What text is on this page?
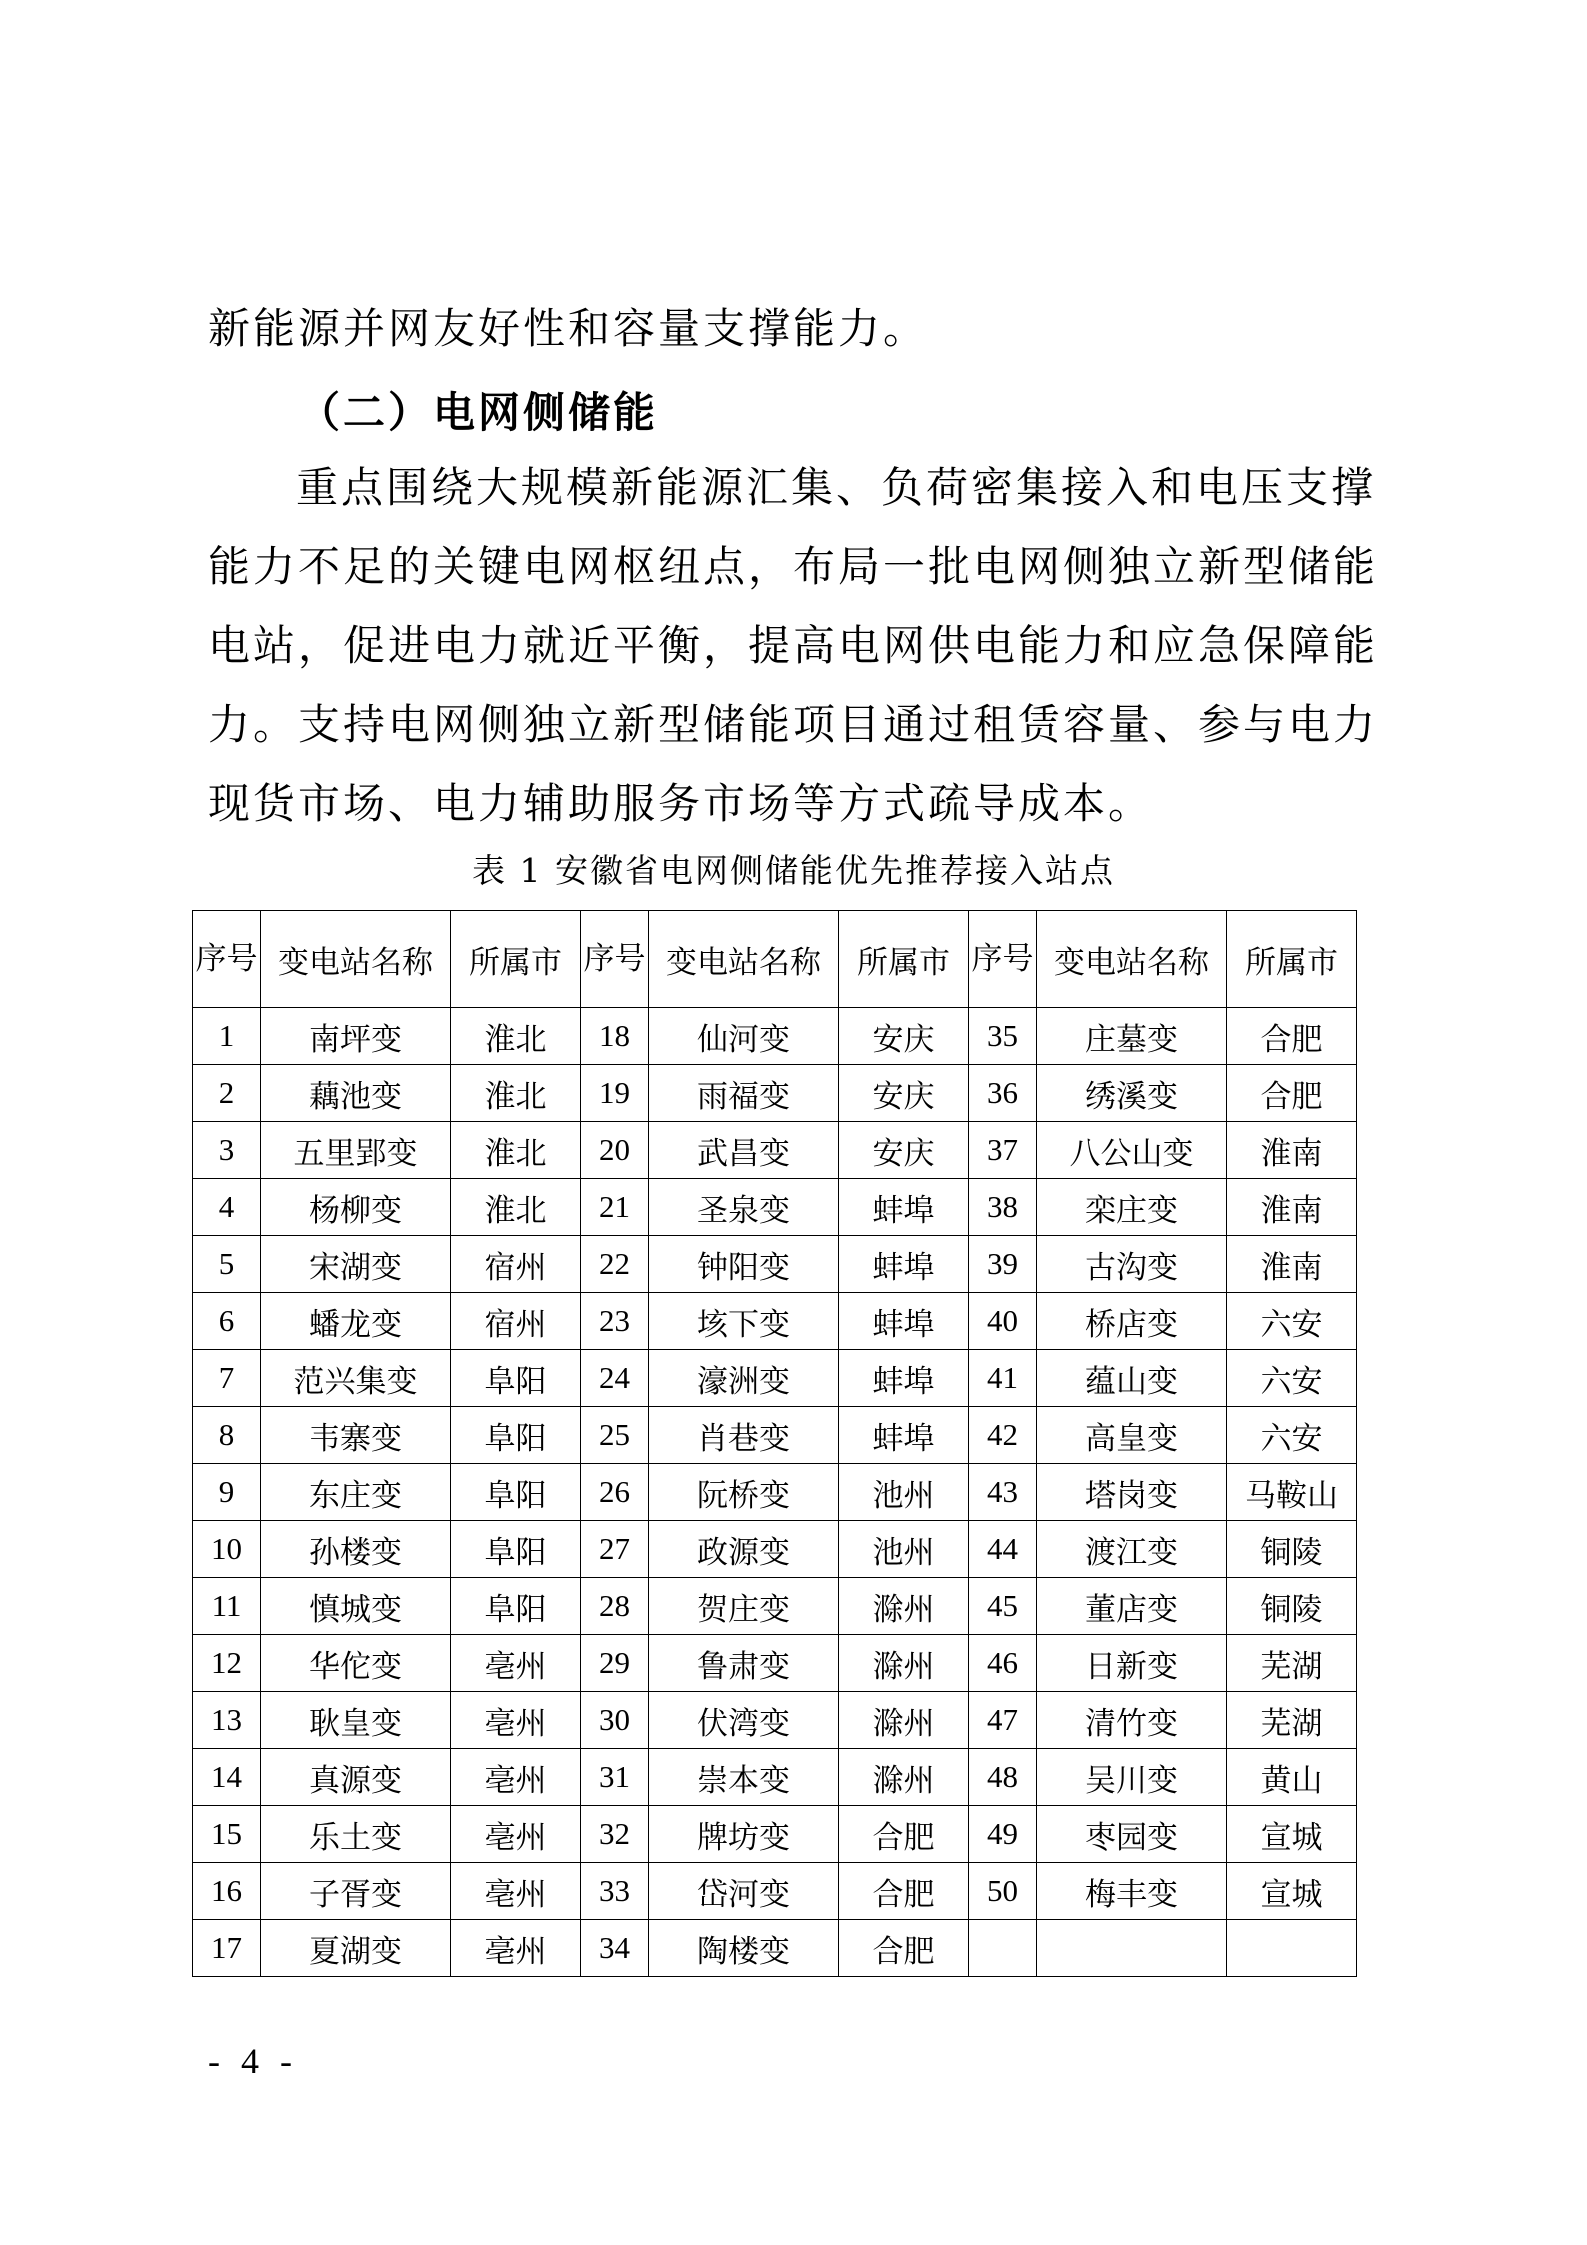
新能源并网友好性和容量支撑能力。

（二）电网侧储能

重点围绕大规模新能源汇集、负荷密集接入和电压支撑能力不足的关键电网枢纽点，布局一批电网侧独立新型储能电站，促进电力就近平衡，提高电网供电能力和应急保障能力。支持电网侧独立新型储能项目通过租赁容量、参与电力现货市场、电力辅助服务市场等方式疏导成本。

表 1 安徽省电网侧储能优先推荐接入站点

序号	变电站名称	所属市	序号	变电站名称	所属市	序号	变电站名称	所属市
1	南坪变	淮北	18	仙河变	安庆	35	庄墓变	合肥
2	藕池变	淮北	19	雨福变	安庆	36	绣溪变	合肥
3	五里郢变	淮北	20	武昌变	安庆	37	八公山变	淮南
4	杨柳变	淮北	21	圣泉变	蚌埠	38	栾庄变	淮南
5	宋湖变	宿州	22	钟阳变	蚌埠	39	古沟变	淮南
6	蟠龙变	宿州	23	垓下变	蚌埠	40	桥店变	六安
7	范兴集变	阜阳	24	濠洲变	蚌埠	41	蕴山变	六安
8	韦寨变	阜阳	25	肖巷变	蚌埠	42	高皇变	六安
9	东庄变	阜阳	26	阮桥变	池州	43	塔岗变	马鞍山
10	孙楼变	阜阳	27	政源变	池州	44	渡江变	铜陵
11	慎城变	阜阳	28	贺庄变	滁州	45	董店变	铜陵
12	华佗变	亳州	29	鲁肃变	滁州	46	日新变	芜湖
13	耿皇变	亳州	30	伏湾变	滁州	47	清竹变	芜湖
14	真源变	亳州	31	崇本变	滁州	48	吴川变	黄山
15	乐土变	亳州	32	牌坊变	合肥	49	枣园变	宣城
16	子胥变	亳州	33	岱河变	合肥	50	梅丰变	宣城
17	夏湖变	亳州	34	陶楼变	合肥			

- 4 -
